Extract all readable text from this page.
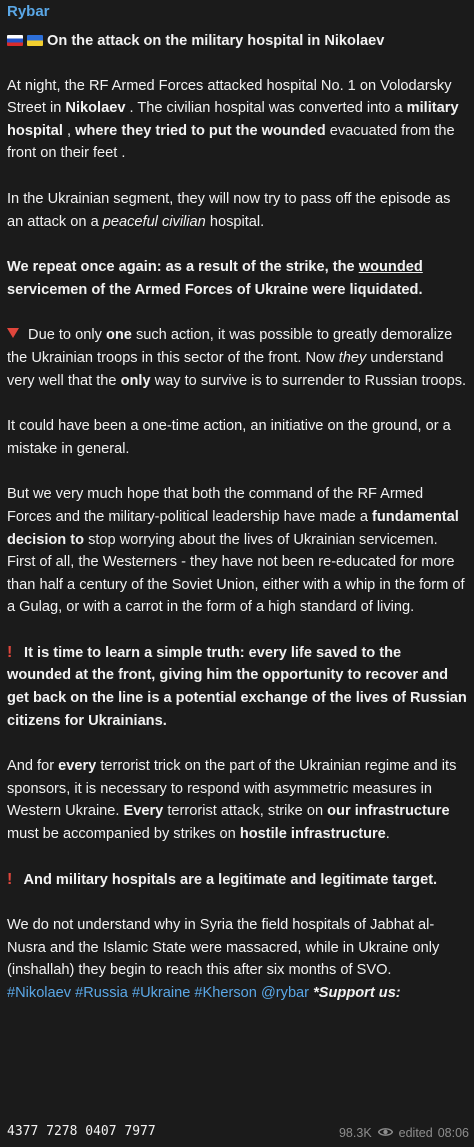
Rybar

On the attack on the military hospital in Nikolaev

At night, the RF Armed Forces attacked hospital No. 1 on Volodarsky Street in Nikolaev . The civilian hospital was converted into a military hospital , where they tried to put the wounded evacuated from the front on their feet .

In the Ukrainian segment, they will now try to pass off the episode as an attack on a peaceful civilian hospital.

We repeat once again: as a result of the strike, the wounded servicemen of the Armed Forces of Ukraine were liquidated.

Due to only one such action, it was possible to greatly demoralize the Ukrainian troops in this sector of the front. Now they understand very well that the only way to survive is to surrender to Russian troops.

It could have been a one-time action, an initiative on the ground, or a mistake in general.

But we very much hope that both the command of the RF Armed Forces and the military-political leadership have made a fundamental decision to stop worrying about the lives of Ukrainian servicemen. First of all, the Westerners - they have not been re-educated for more than half a century of the Soviet Union, either with a whip in the form of a Gulag, or with a carrot in the form of a high standard of living.

! It is time to learn a simple truth: every life saved to the wounded at the front, giving him the opportunity to recover and get back on the line is a potential exchange of the lives of Russian citizens for Ukrainians.

And for every terrorist trick on the part of the Ukrainian regime and its sponsors, it is necessary to respond with asymmetric measures in Western Ukraine. Every terrorist attack, strike on our infrastructure must be accompanied by strikes on hostile infrastructure.

! And military hospitals are a legitimate and legitimate target.

We do not understand why in Syria the field hospitals of Jabhat al-Nusra and the Islamic State were massacred, while in Ukraine only (inshallah) they begin to reach this after six months of SVO.
#Nikolaev #Russia #Ukraine #Kherson @rybar *Support us:

4377 7278 0407 7977	98.3K edited 08:06
